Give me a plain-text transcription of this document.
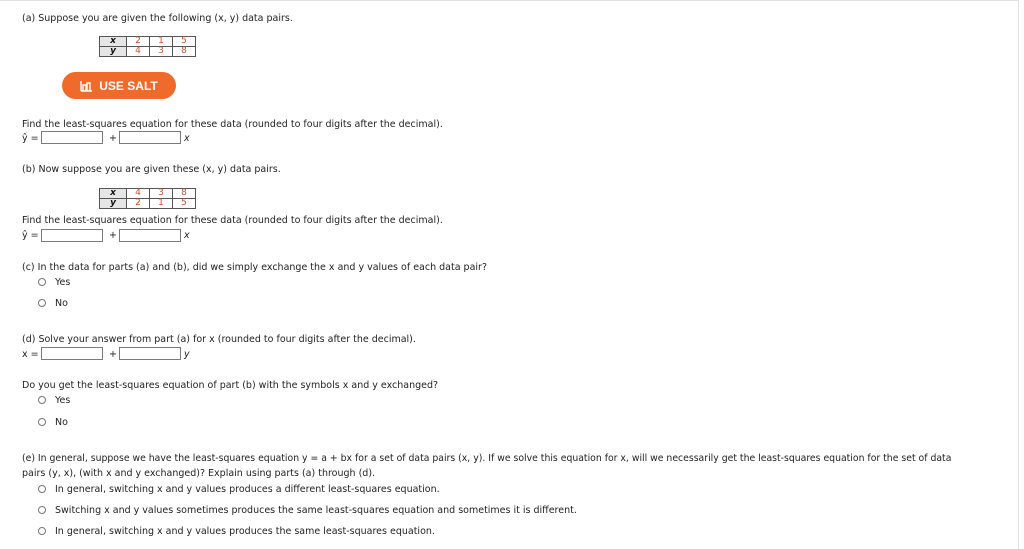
(a) Suppose you are given the following (x, y) data pairs.
x	2	1	5
y	4	3	8
USE SALT
Find the least-squares equation for these data (rounded to four digits after the decimal).
ŷ =	+	x
(b) Now suppose you are given these (x, y) data pairs.
x	4	3	8
y	2	1	5
Find the least-squares equation for these data (rounded to four digits after the decimal).
ŷ =	+	x
(c) In the data for parts (a) and (b), did we simply exchange the x and y values of each data pair?
Yes
No
(d) Solve your answer from part (a) for x (rounded to four digits after the decimal).
x =	+	y
Do you get the least-squares equation of part (b) with the symbols x and y exchanged?
Yes
No
(e) In general, suppose we have the least-squares equation y = a + bx for a set of data pairs (x, y). If we solve this equation for x, will we necessarily get the least-squares equation for the set of data
pairs (y, x), (with x and y exchanged)? Explain using parts (a) through (d).
In general, switching x and y values produces a different least-squares equation.
Switching x and y values sometimes produces the same least-squares equation and sometimes it is different.
In general, switching x and y values produces the same least-squares equation.
